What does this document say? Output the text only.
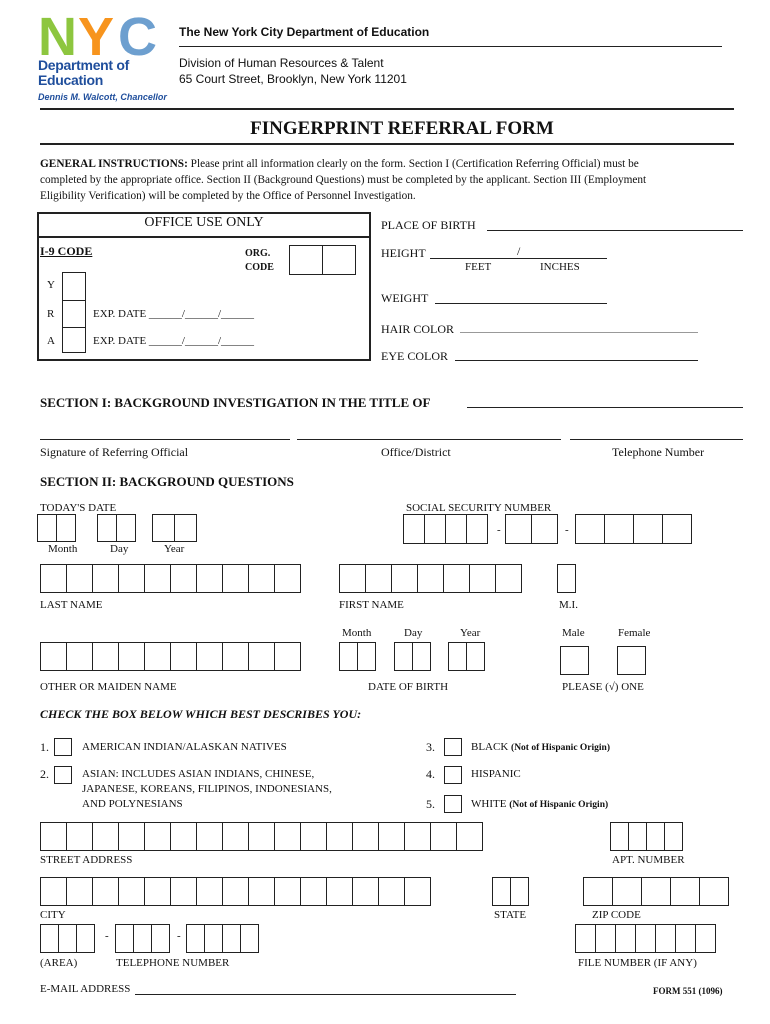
N Y C
Department of
Education
Dennis M. Walcott, Chancellor
The New York City Department of Education
Division of Human Resources & Talent
65 Court Street, Brooklyn, New York 11201
FINGERPRINT REFERRAL FORM
GENERAL INSTRUCTIONS: Please print all information clearly on the form. Section I (Certification Referring Official) must be
completed by the appropriate office. Section II (Background Questions) must be completed by the applicant. Section III (Employment
Eligibility Verification) will be completed by the Office of Personnel Investigation.
OFFICE USE ONLY
I-9 CODE	ORG.
CODE
Y
R	EXP. DATE ______/______/______
A	EXP. DATE ______/______/______
PLACE OF BIRTH
HEIGHT	/
FEET	INCHES
WEIGHT
HAIR COLOR
EYE COLOR
SECTION I: BACKGROUND INVESTIGATION IN THE TITLE OF
Signature of Referring Official	Office/District	Telephone Number
SECTION II: BACKGROUND QUESTIONS
TODAY'S DATE	SOCIAL SECURITY NUMBER
-	-
Month	Day	Year
LAST NAME	FIRST NAME	M.I.
Month	Day	Year	Male	Female
OTHER OR MAIDEN NAME	DATE OF BIRTH	PLEASE (√) ONE
CHECK THE BOX BELOW WHICH BEST DESCRIBES YOU:
1.	AMERICAN INDIAN/ALASKAN NATIVES
2.	ASIAN: INCLUDES ASIAN INDIANS, CHINESE,
JAPANESE, KOREANS, FILIPINOS, INDONESIANS,
AND POLYNESIANS
3.	BLACK (Not of Hispanic Origin)
4.	HISPANIC
5.	WHITE (Not of Hispanic Origin)
STREET ADDRESS	APT. NUMBER
CITY	STATE	ZIP CODE
-	-
(AREA)	TELEPHONE NUMBER	FILE NUMBER (IF ANY)
E-MAIL ADDRESS	FORM 551 (1096)
